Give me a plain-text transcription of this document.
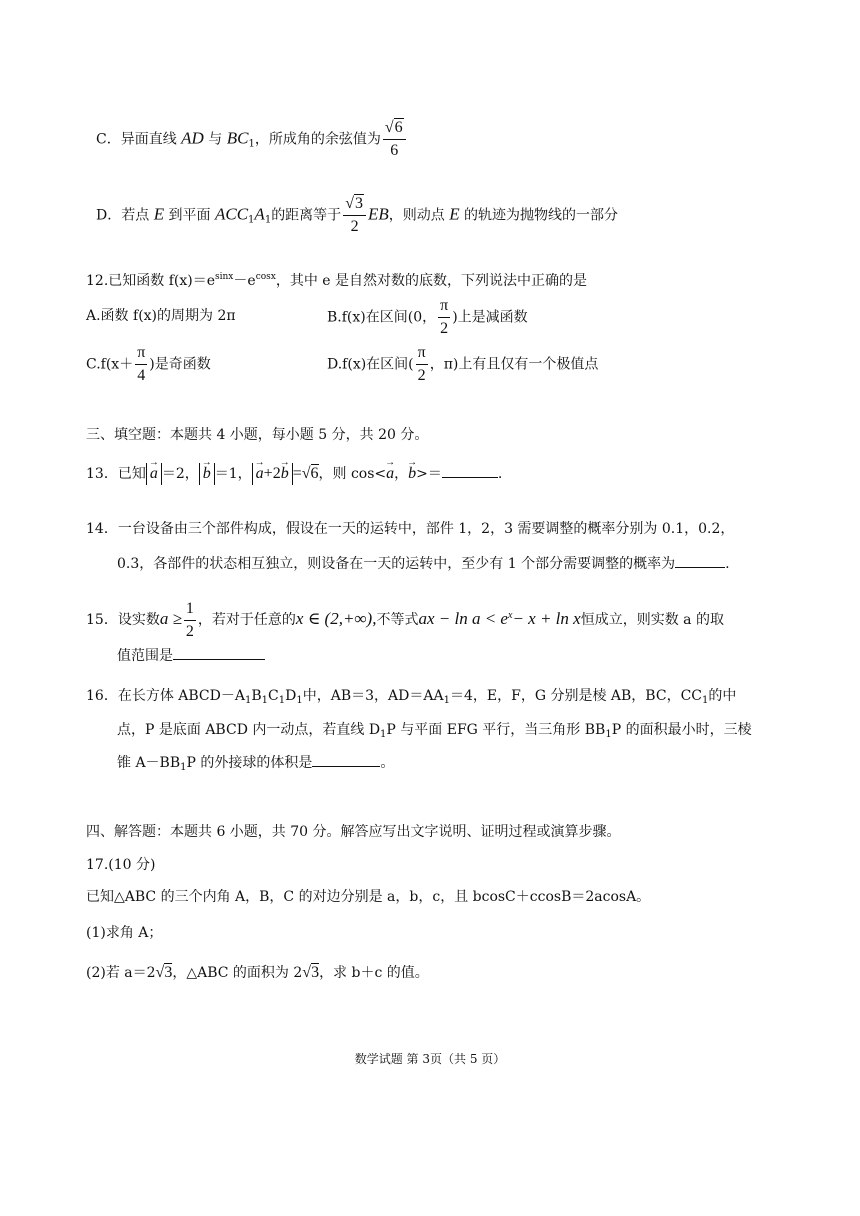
C．异面直线 AD 与 $BC_1$，所成角的余弦值为 $\frac{√6}{6}$
D．若点 E 到平面 $ACC_1A_1$的距离等于 $\frac{√3}{2}$ EB，则动点 E 的轨迹为抛物线的一部分
12.已知函数 $f(x)=e^{sinx}-e^{cosx}$，其中 e 是自然对数的底数，下列说法中正确的是
A.函数 f(x)的周期为 2π	B.f(x)在区间(0， $\frac{\pi}{2}$ )上是减函数
$C.f(x+ \frac{\pi}{4}$ )是奇函数	D.f(x)在区间( $\frac{\pi}{2}$ ，π)上有且仅有一个极值点
三、填空题：本题共 4 小题，每小题 5 分，共 20 分。
13．已知 → a ＝2， → b ＝1， → a+2→ b =√6，则 cos<→ a，→ b>＝	.
14．一台设备由三个部件构成，假设在一天的运转中，部件 1，2，3 需要调整的概率分别为 0.1，0.2，
0.3，各部件的状态相互独立，则设备在一天的运转中，至少有 1 个部分需要调整的概率为	.
15．设实数$a \ge \frac{1}{2}$ ，若对于任意的x ∈ (2,+∞),不等式ax − $\ln a < e^x- x + \ln x$恒成立，则实数 a 的取
值范围是
16．在长方体 $ABCD-A_1B_1C_1D_1$中，AB＝3，$AD=AA_1=4$，E，F，G 分别是棱 AB，BC，$CC_1$的中
点，P 是底面 ABCD 内一动点，若直线 $D_1P$ 与平面 EFG 平行，当三角形 $BB_1P$ 的面积最小时，三棱
锥 $A-BB_1P$ 的外接球的体积是	。
四、解答题：本题共 6 小题，共 70 分。解答应写出文字说明、证明过程或演算步骤。
17.(10 分)
已知△ABC 的三个内角 A，B，C 的对边分别是 a，b，c，且 bcosC＋ccosB＝2acosA。
(1)求角 A；
(2)若 a＝2√3，△ABC 的面积为 2√3，求 b＋c 的值。
数学试题 第 3页（共 5 页）
